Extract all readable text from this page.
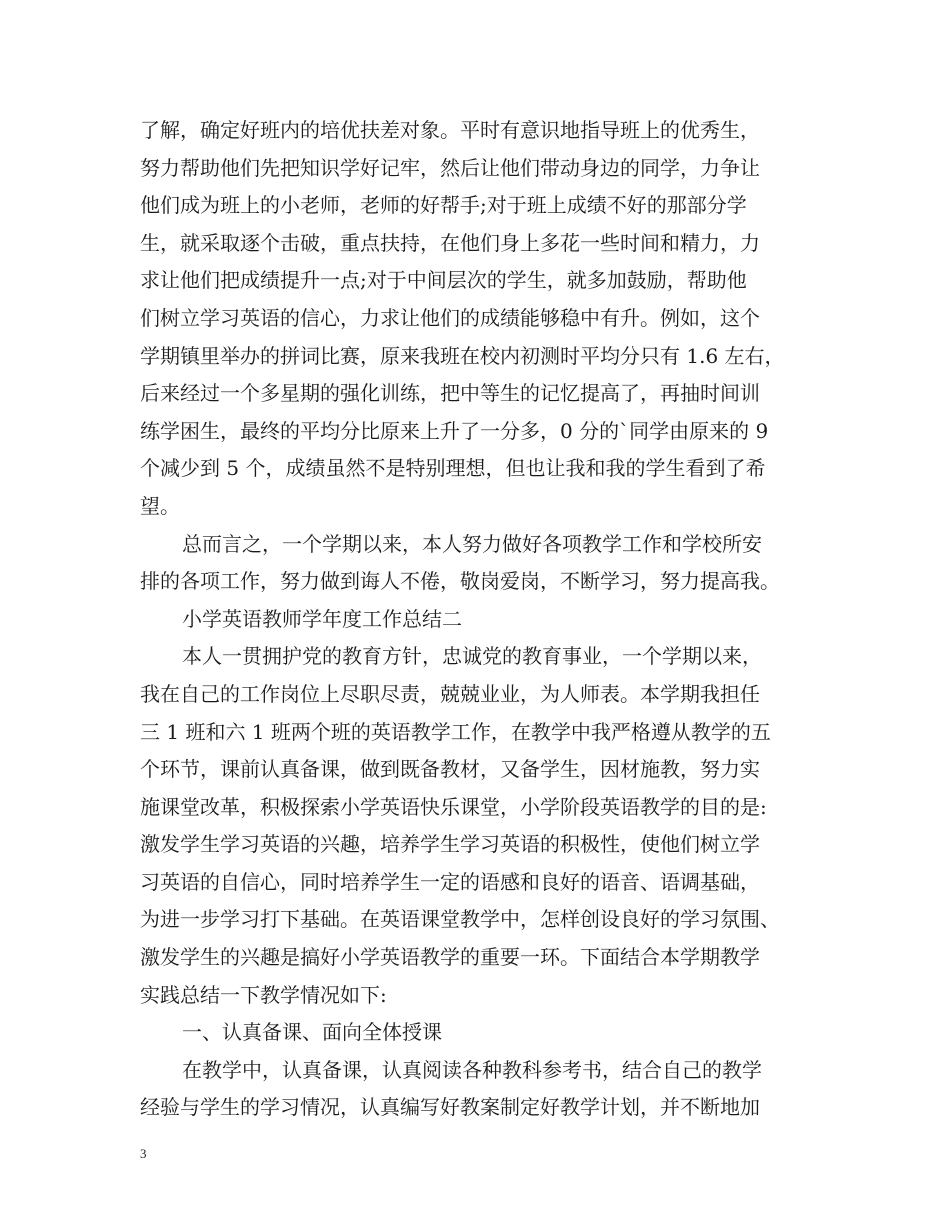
了解，确定好班内的培优扶差对象。平时有意识地指导班上的优秀生，
努力帮助他们先把知识学好记牢，然后让他们带动身边的同学，力争让
他们成为班上的小老师，老师的好帮手;对于班上成绩不好的那部分学
生，就采取逐个击破，重点扶持，在他们身上多花一些时间和精力，力
求让他们把成绩提升一点;对于中间层次的学生，就多加鼓励，帮助他
们树立学习英语的信心，力求让他们的成绩能够稳中有升。例如，这个
学期镇里举办的拼词比赛，原来我班在校内初测时平均分只有 1.6 左右，
后来经过一个多星期的强化训练，把中等生的记忆提高了，再抽时间训
练学困生，最终的平均分比原来上升了一分多，0 分的`同学由原来的 9
个减少到 5 个，成绩虽然不是特别理想，但也让我和我的学生看到了希
望。
总而言之，一个学期以来，本人努力做好各项教学工作和学校所安
排的各项工作，努力做到诲人不倦，敬岗爱岗，不断学习，努力提高我。
小学英语教师学年度工作总结二
本人一贯拥护党的教育方针，忠诚党的教育事业，一个学期以来，
我在自己的工作岗位上尽职尽责，兢兢业业，为人师表。本学期我担任
三 1 班和六 1 班两个班的英语教学工作，在教学中我严格遵从教学的五
个环节，课前认真备课，做到既备教材，又备学生，因材施教，努力实
施课堂改革，积极探索小学英语快乐课堂，小学阶段英语教学的目的是:
激发学生学习英语的兴趣，培养学生学习英语的积极性，使他们树立学
习英语的自信心，同时培养学生一定的语感和良好的语音、语调基础，
为进一步学习打下基础。在英语课堂教学中，怎样创设良好的学习氛围、
激发学生的兴趣是搞好小学英语教学的重要一环。下面结合本学期教学
实践总结一下教学情况如下:
一、认真备课、面向全体授课
在教学中，认真备课，认真阅读各种教科参考书，结合自己的教学
经验与学生的学习情况，认真编写好教案制定好教学计划，并不断地加
3
